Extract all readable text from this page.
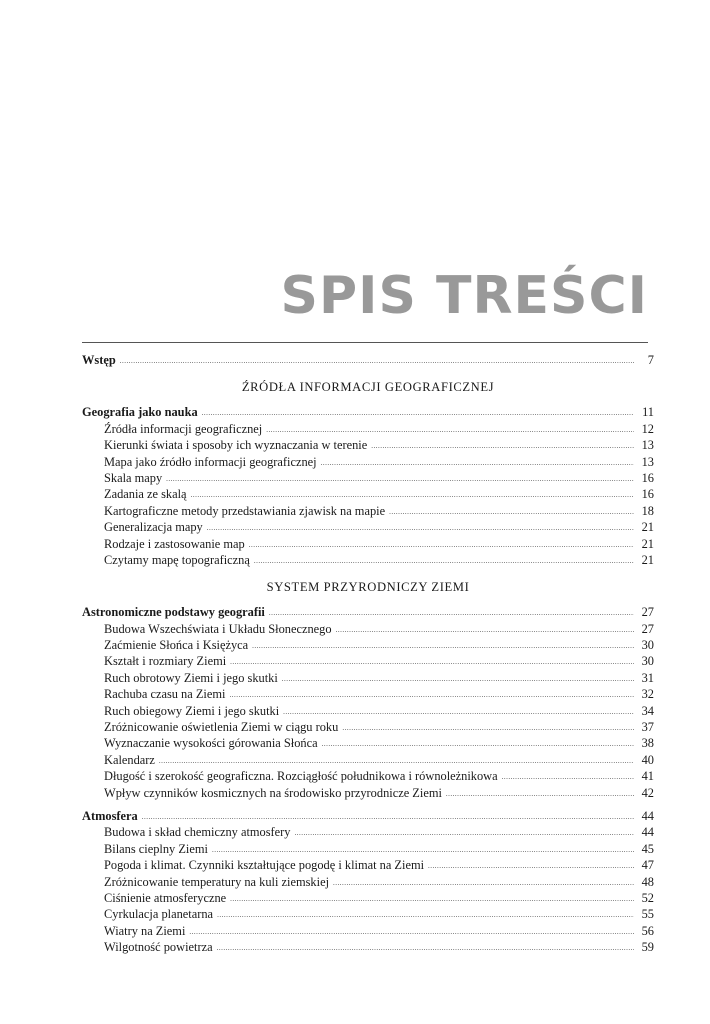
SPIS TREŚCI
Wstęp .....	7
ŹRÓDŁA INFORMACJI GEOGRAFICZNEJ
Geografia jako nauka .....	11
Źródła informacji geograficznej .....	12
Kierunki świata i sposoby ich wyznaczania w terenie .....	13
Mapa jako źródło informacji geograficznej .....	13
Skala mapy .....	16
Zadania ze skalą .....	16
Kartograficzne metody przedstawiania zjawisk na mapie .....	18
Generalizacja mapy .....	21
Rodzaje i zastosowanie map .....	21
Czytamy mapę topograficzną .....	21
SYSTEM PRZYRODNICZY ZIEMI
Astronomiczne podstawy geografii .....	27
Budowa Wszechświata i Układu Słonecznego .....	27
Zaćmienie Słońca i Księżyca .....	30
Kształt i rozmiary Ziemi .....	30
Ruch obrotowy Ziemi i jego skutki .....	31
Rachuba czasu na Ziemi .....	32
Ruch obiegowy Ziemi i jego skutki .....	34
Zróżnicowanie oświetlenia Ziemi w ciągu roku .....	37
Wyznaczanie wysokości górowania Słońca .....	38
Kalendarz .....	40
Długość i szerokość geograficzna. Rozciągłość południkowa i równoleżnikowa .....	41
Wpływ czynników kosmicznych na środowisko przyrodnicze Ziemi .....	42
Atmosfera .....	44
Budowa i skład chemiczny atmosfery .....	44
Bilans cieplny Ziemi .....	45
Pogoda i klimat. Czynniki kształtujące pogodę i klimat na Ziemi .....	47
Zróżnicowanie temperatury na kuli ziemskiej .....	48
Ciśnienie atmosferyczne .....	52
Cyrkulacja planetarna .....	55
Wiatry na Ziemi .....	56
Wilgotność powietrza .....	59
